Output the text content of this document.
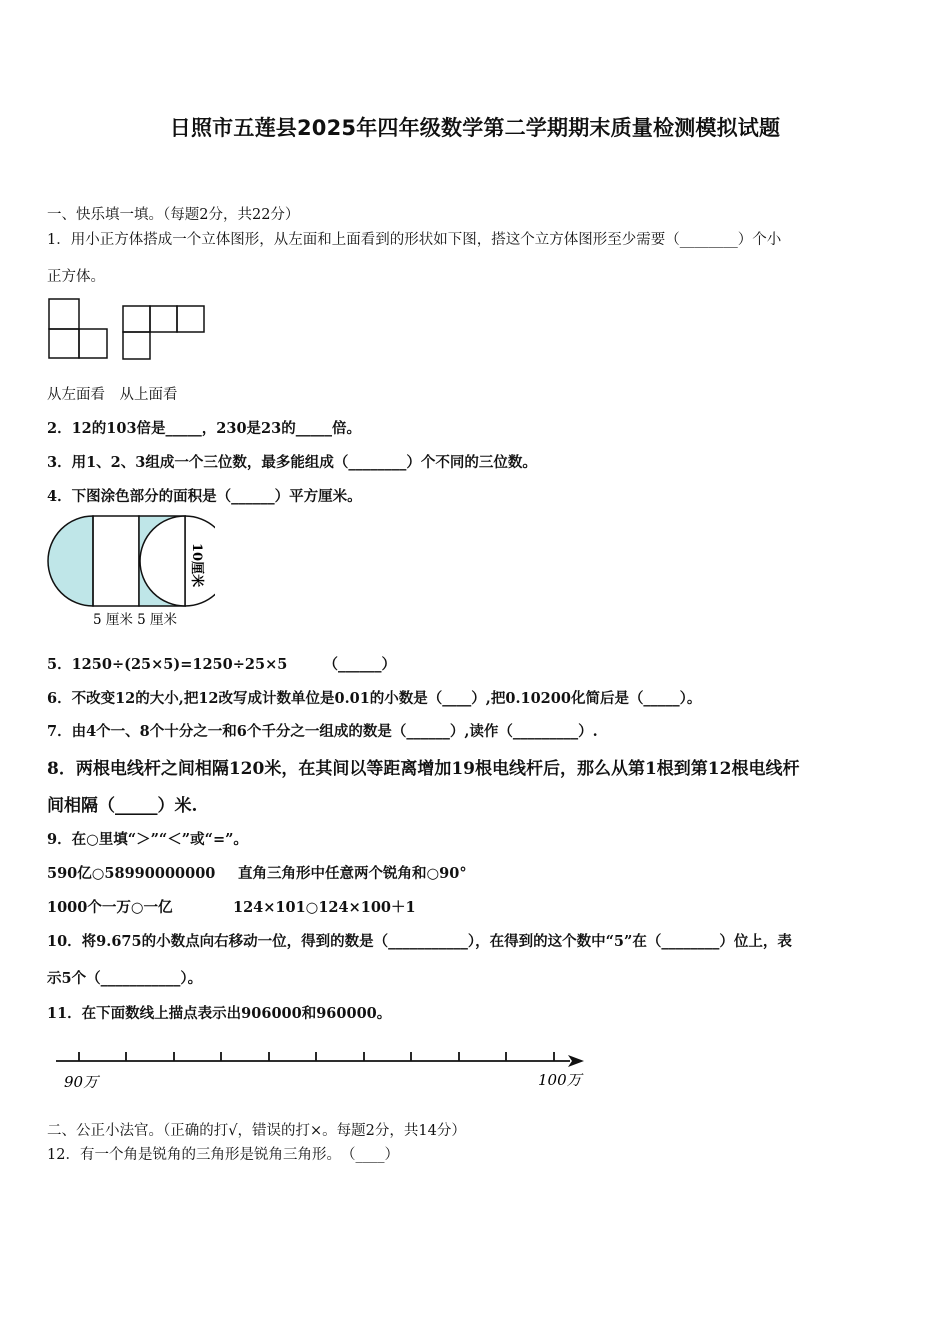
日照市五莲县2025年四年级数学第二学期期末质量检测模拟试题
一、快乐填一填。（每题2分，共22分）
1．用小正方体搭成一个立体图形，从左面和上面看到的形状如下图，搭这个立方体图形至少需要（________）个小
正方体。
从左面看　从上面看
2．12的103倍是_____，230是23的_____倍。
3．用1、2、3组成一个三位数，最多能组成（________）个不同的三位数。
4．下图涂色部分的面积是（______）平方厘米。
5 厘米 5 厘米
10厘米
5．1250÷(25×5)=1250÷25×5　　　（______）
6．不改变12的大小,把12改写成计数单位是0.01的小数是（____）,把0.10200化简后是（_____）。
7．由4个一、8个十分之一和6个千分之一组成的数是（______）,读作（_________）.
8．两根电线杆之间相隔120米，在其间以等距离增加19根电线杆后，那么从第1根到第12根电线杆
间相隔（_____）米.
9．在○里填“＞”“＜”或“=”。
590亿○58990000000 直角三角形中任意两个锐角和○90°
1000个一万○一亿	124×101○124×100＋1
10．将9.675的小数点向右移动一位，得到的数是（___________），在得到的这个数中“5”在（________）位上，表
示5个（___________）。
11．在下面数线上描点表示出906000和960000。
90万	100万
二、公正小法官。（正确的打√，错误的打×。每题2分，共14分）
12．有一个角是锐角的三角形是锐角三角形。　（____）
